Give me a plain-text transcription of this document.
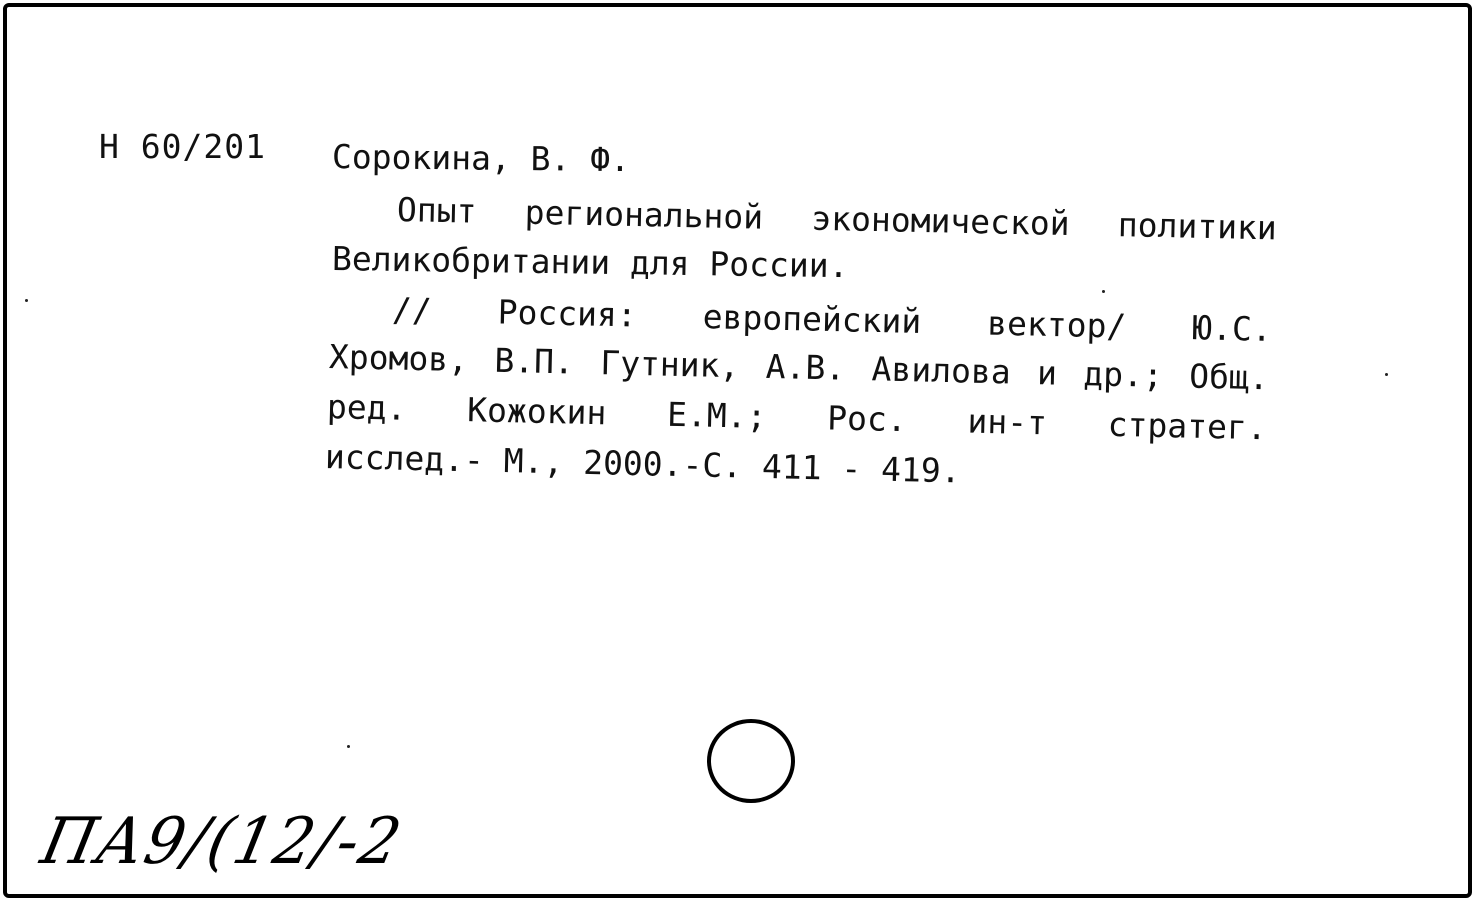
Н 60/201 Сорокина, В. Ф.
Опыт региональной экономической политики
Великобритании для России.
// Россия: европейский вектор/ Ю.С.
Хромов, В.П. Гутник, А.В. Авилова и др.; Общ.
ред. Кожокин Е.М.; Рос. ин-т стратег.
исслед.- М., 2000.-С. 411 - 419.
ПА9/(12/-2
